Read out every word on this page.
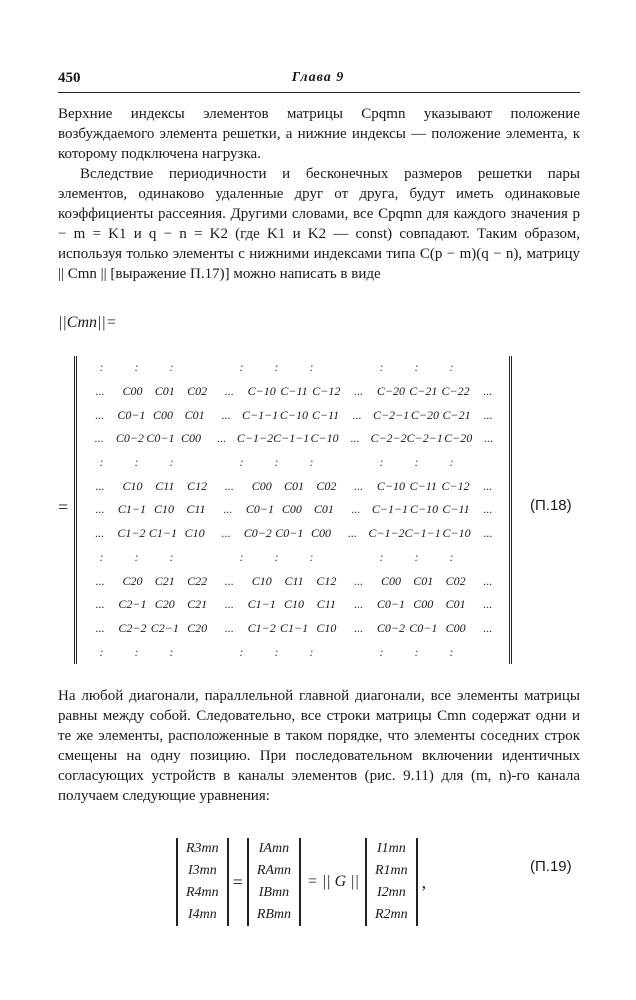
450	Глава 9
Верхние индексы элементов матрицы Cpqmn указывают положение возбуждаемого элемента решетки, а нижние индексы — положение элемента, к которому подключена нагрузка.
Вследствие периодичности и бесконечных размеров решетки пары элементов, одинаково удаленные друг от друга, будут иметь одинаковые коэффициенты рассеяния. Другими словами, все Cpqmn для каждого значения p − m = K1 и q − n = K2 (где K1 и K2 — const) совпадают. Таким образом, используя только элементы с нижними индексами типа C(p − m)(q − n), матрицу || Cmn || [выражение П.17)] можно написать в виде
||Cmn||=
=
:	:	:	:	:	:	:	:	:
...	C00	C01	C02	...	C−10 C−11 C−12	...	C−20 C−21 C−22	...
...	C0−1 C00 C01	... C−1−1 C−10 C−11	... C−2−1 C−20 C−21	...
...	C0−2 C0−1 C00	... C−1−2 C−1−1 C−10	... C−2−2 C−2−1 C−20	...
:	:	:	:	:	:	:	:	:
...	C10	C11	C12	...	C00	C01	C02	...	C−10 C−11 C−12	...
...	C1−1 C10	C11	...	C0−1 C00 C01	... C−1−1 C−10 C−11	...
...	C1−2 C1−1 C10	...	C0−2 C0−1 C00	... C−1−2 C−1−1 C−10	...
:	:	:	:	:	:	:	:	:
...	C20	C21	C22	...	C10	C11	C12	...	C00	C01	C02	...
...	C2−1 C20	C21	...	C1−1 C10	C11	...	C0−1 C00	C01	...
...	C2−2 C2−1 C20	...	C1−2 C1−1 C10	...	C0−2 C0−1 C00	...
:	:	:	:	:	:	:	:	:
(П.18)
На любой диагонали, параллельной главной диагонали, все элементы матрицы равны между собой. Следовательно, все строки матрицы Cmn содержат одни и те же элементы, расположенные в таком порядке, что элементы соседних строк смещены на одну позицию. При последовательном включении идентичных согласующих устройств в каналы элементов (рис. 9.11) для (m, n)-го канала получаем следующие уравнения:
R3mn
I3mn
R4mn
I4mn
=
IAmn
RAmn
IBmn
RBmn
= || G ||
I1mn
R1mn
I2mn
R2mn
,
(П.19)
